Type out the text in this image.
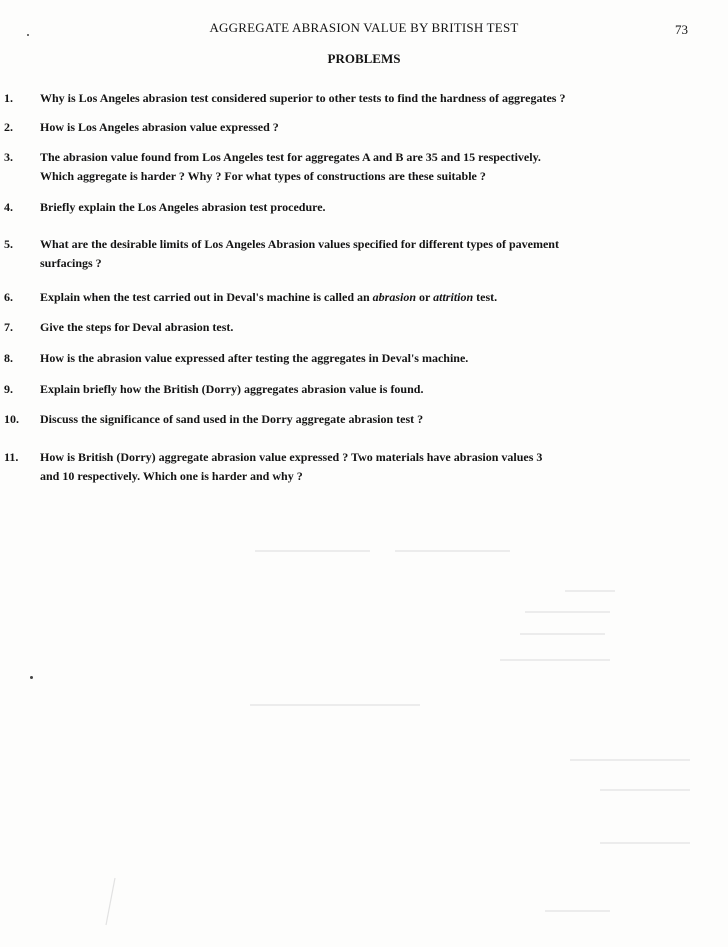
AGGREGATE ABRASION VALUE BY BRITISH TEST	73
PROBLEMS
1.	Why is Los Angeles abrasion test considered superior to other tests to find the hardness of aggregates ?
2.	How is Los Angeles abrasion value expressed ?
3.	The abrasion value found from Los Angeles test for aggregates A and B are 35 and 15 respectively.
Which aggregate is harder ? Why ? For what types of constructions are these suitable ?
4.	Briefly explain the Los Angeles abrasion test procedure.
5.	What are the desirable limits of Los Angeles Abrasion values specified for different types of pavement
surfacings ?
6.	Explain when the test carried out in Deval's machine is called an abrasion or attrition test.
7.	Give the steps for Deval abrasion test.
8.	How is the abrasion value expressed after testing the aggregates in Deval's machine.
9.	Explain briefly how the British (Dorry) aggregates abrasion value is found.
10.	Discuss the significance of sand used in the Dorry aggregate abrasion test ?
11.	How is British (Dorry) aggregate abrasion value expressed ? Two materials have abrasion values 3
and 10 respectively. Which one is harder and why ?
